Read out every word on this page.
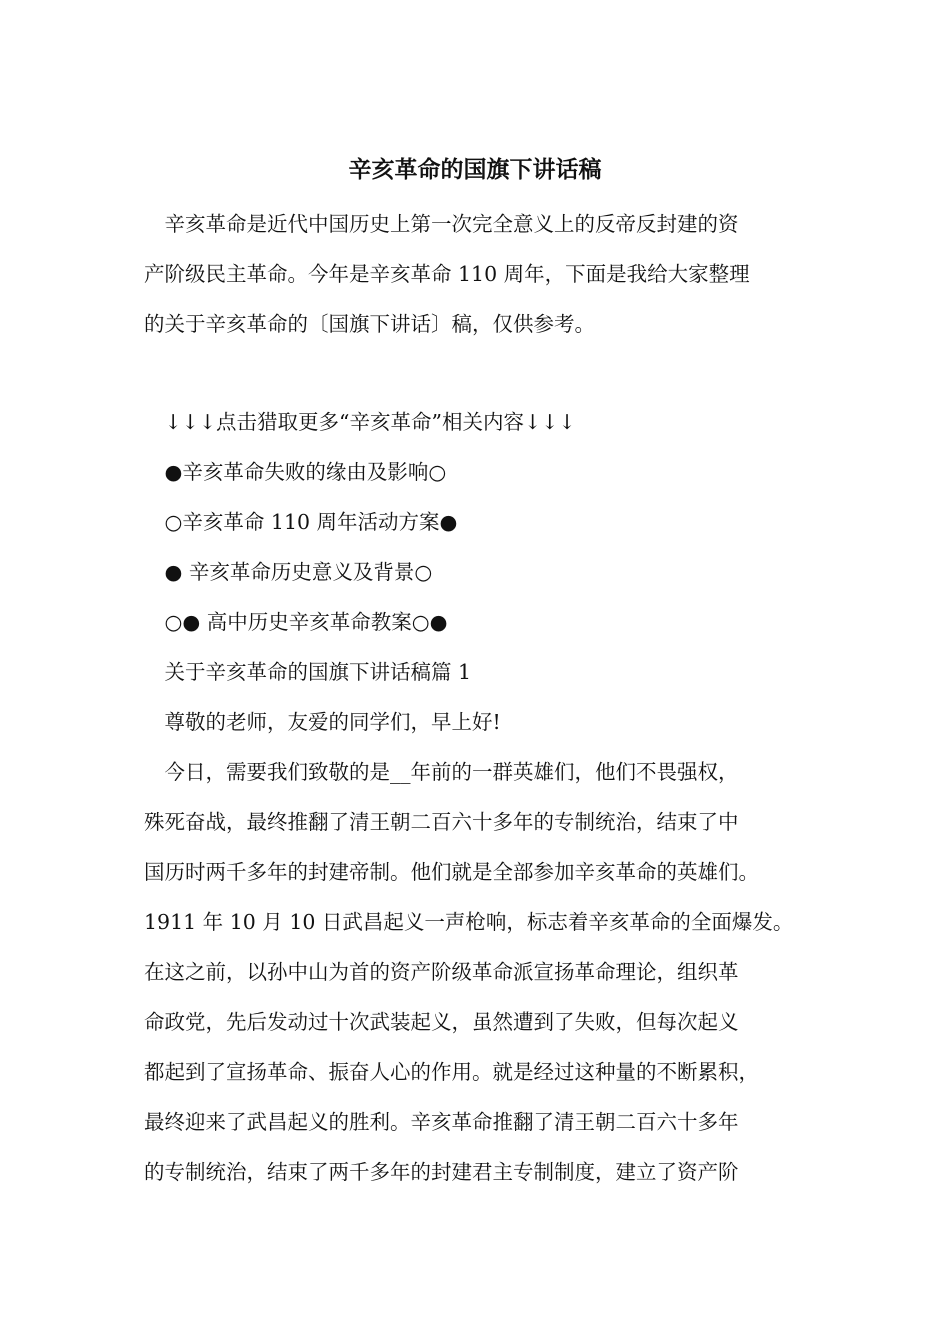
辛亥革命的国旗下讲话稿
　辛亥革命是近代中国历史上第一次完全意义上的反帝反封建的资
产阶级民主革命。今年是辛亥革命 110 周年，下面是我给大家整理
的关于辛亥革命的〔国旗下讲话〕稿，仅供参考。
　↓↓↓点击猎取更多“辛亥革命”相关内容↓↓↓
　●辛亥革命失败的缘由及影响○
　○辛亥革命 110 周年活动方案●
　● 辛亥革命历史意义及背景○
　○● 高中历史辛亥革命教案○●
　关于辛亥革命的国旗下讲话稿篇 1
　尊敬的老师，友爱的同学们，早上好!
　今日，需要我们致敬的是__年前的一群英雄们，他们不畏强权，
殊死奋战，最终推翻了清王朝二百六十多年的专制统治，结束了中
国历时两千多年的封建帝制。他们就是全部参加辛亥革命的英雄们。
1911 年 10 月 10 日武昌起义一声枪响，标志着辛亥革命的全面爆发。
在这之前，以孙中山为首的资产阶级革命派宣扬革命理论，组织革
命政党，先后发动过十次武装起义，虽然遭到了失败，但每次起义
都起到了宣扬革命、振奋人心的作用。就是经过这种量的不断累积，
最终迎来了武昌起义的胜利。辛亥革命推翻了清王朝二百六十多年
的专制统治，结束了两千多年的封建君主专制制度，建立了资产阶
